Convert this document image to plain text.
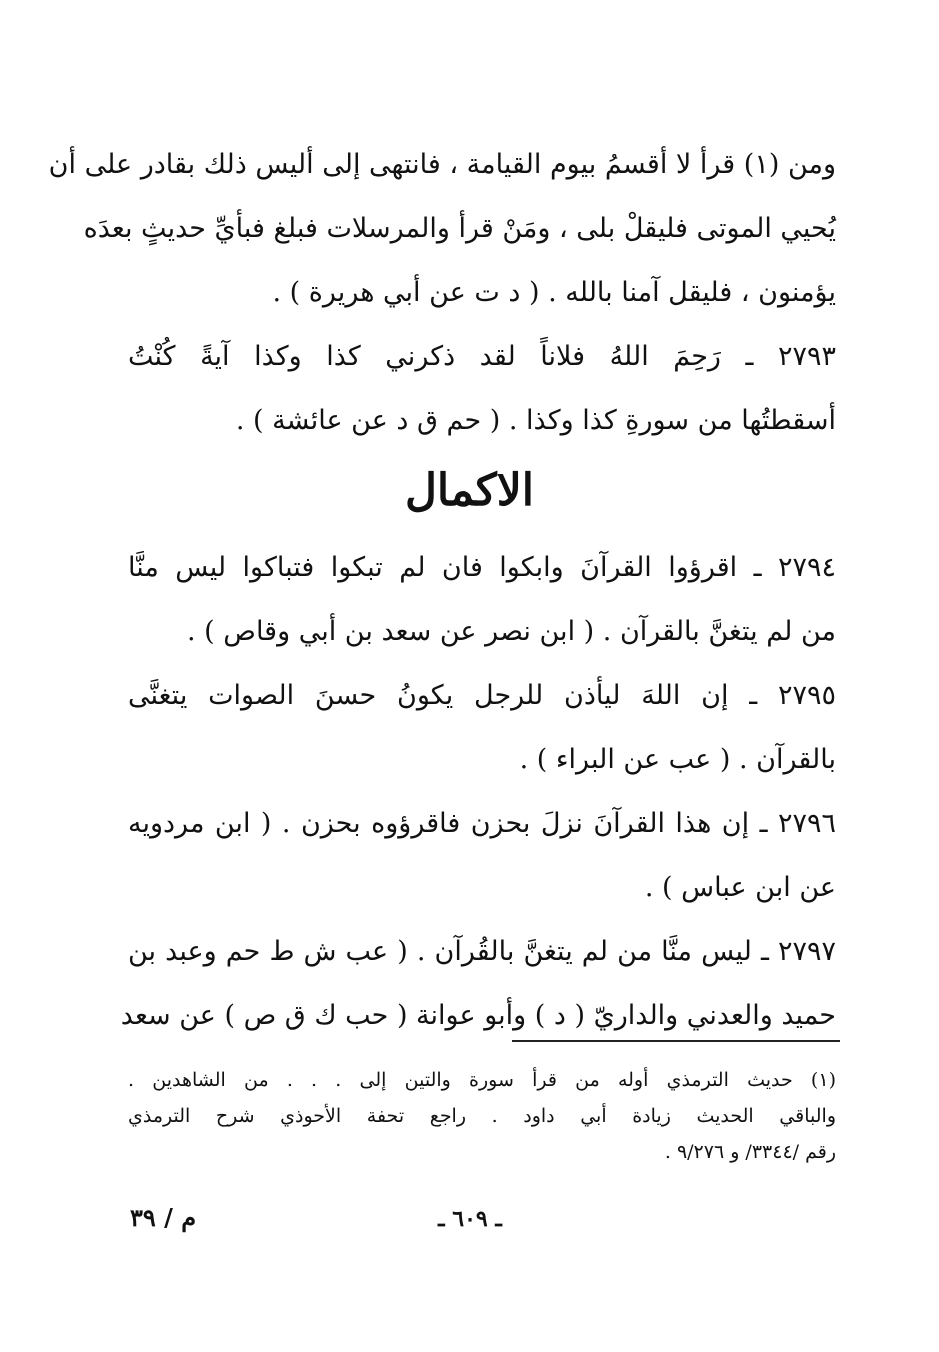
ومن (١) قرأ لا أقسمُ بيوم القيامة ، فانتهى إلى أليس ذلك بقادر على أن
يُحيي الموتى فليقلْ بلى ، ومَنْ قرأ والمرسلات فبلغ فبأيِّ حديثٍ بعدَه
يؤمنون ، فليقل آمنا بالله . ( د ت عن أبي هريرة ) .
٢٧٩٣ ـ رَحِمَ اللهُ فلاناً لقد ذكرني كذا وكذا آيةً كُنْتُ
أسقطتُها من سورةِ كذا وكذا . ( حم ق د عن عائشة ) .
الاكمال
٢٧٩٤ ـ اقرؤوا القرآنَ وابكوا فان لم تبكوا فتباكوا ليس منَّا
من لم يتغنَّ بالقرآن . ( ابن نصر عن سعد بن أبي وقاص ) .
٢٧٩٥ ـ إن اللهَ ليأذن للرجل يكونُ حسنَ الصوات يتغنَّى
بالقرآن . ( عب عن البراء ) .
٢٧٩٦ ـ إن هذا القرآنَ نزلَ بحزن فاقرؤوه بحزن . ( ابن مردويه
عن ابن عباس ) .
٢٧٩٧ ـ ليس منَّا من لم يتغنَّ بالقُرآن . ( عب ش ط حم وعبد بن
حميد والعدني والداريّ ( د ) وأبو عوانة ( حب ك ق ص ) عن سعد
(١) حديث الترمذي أوله من قرأ سورة والتين إلى . . . من الشاهدين .
والباقي الحديث زيادة أبي داود . راجع تحفة الأحوذي شرح الترمذي
رقم /٣٣٤٤/ و ٩/٢٧٦ .
ـ ٦٠٩ ـ
م / ٣٩
